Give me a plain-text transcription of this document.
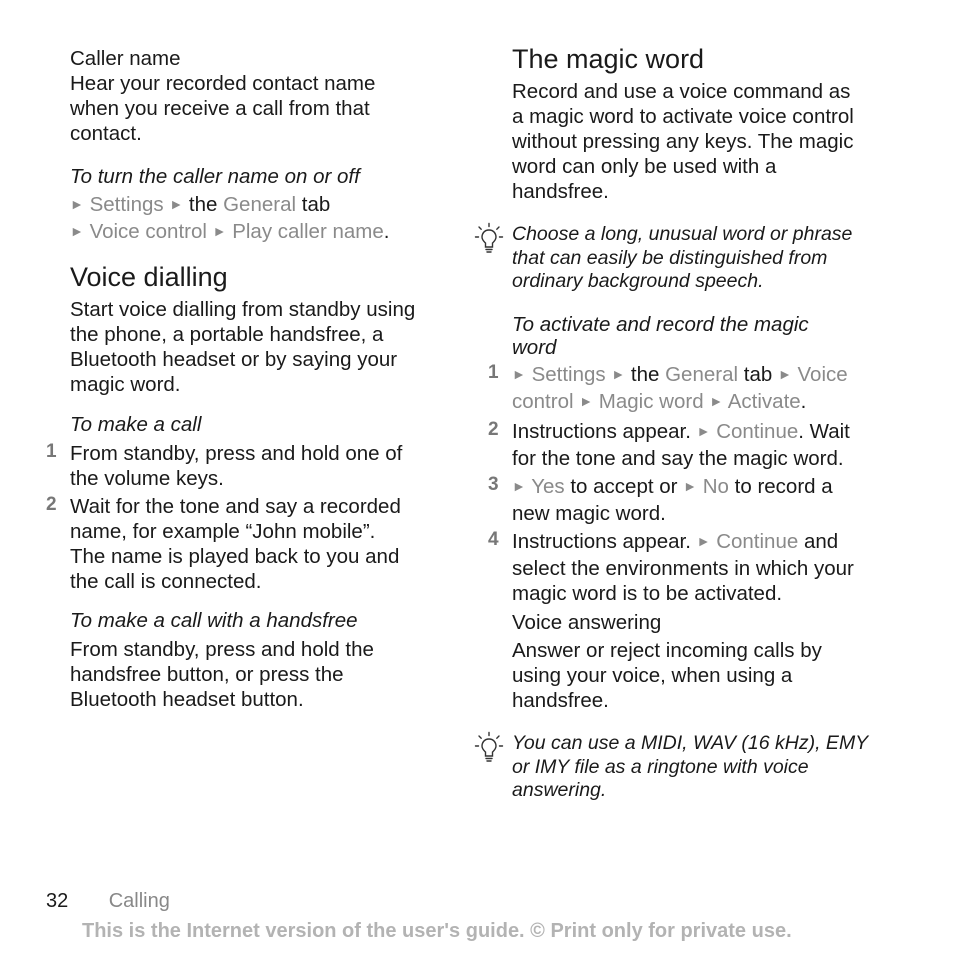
Caller name
Hear your recorded contact name
when you receive a call from that
contact.
To turn the caller name on or off
► Settings ► the General tab
► Voice control ► Play caller name.
Voice dialling
Start voice dialling from standby using
the phone, a portable handsfree, a
Bluetooth headset or by saying your
magic word.
To make a call
1 From standby, press and hold one of
the volume keys.
2 Wait for the tone and say a recorded
name, for example “John mobile”.
The name is played back to you and
the call is connected.
To make a call with a handsfree
From standby, press and hold the
handsfree button, or press the
Bluetooth headset button.
The magic word
Record and use a voice command as
a magic word to activate voice control
without pressing any keys. The magic
word can only be used with a
handsfree.
Choose a long, unusual word or phrase
that can easily be distinguished from
ordinary background speech.
To activate and record the magic
word
1 ► Settings ► the General tab ► Voice
control ► Magic word ► Activate.
2 Instructions appear. ► Continue. Wait
for the tone and say the magic word.
3 ► Yes to accept or ► No to record a
new magic word.
4 Instructions appear. ► Continue and
select the environments in which your
magic word is to be activated.
Voice answering
Answer or reject incoming calls by
using your voice, when using a
handsfree.
You can use a MIDI, WAV (16 kHz), EMY
or IMY file as a ringtone with voice
answering.
32 Calling
This is the Internet version of the user's guide. © Print only for private use.
